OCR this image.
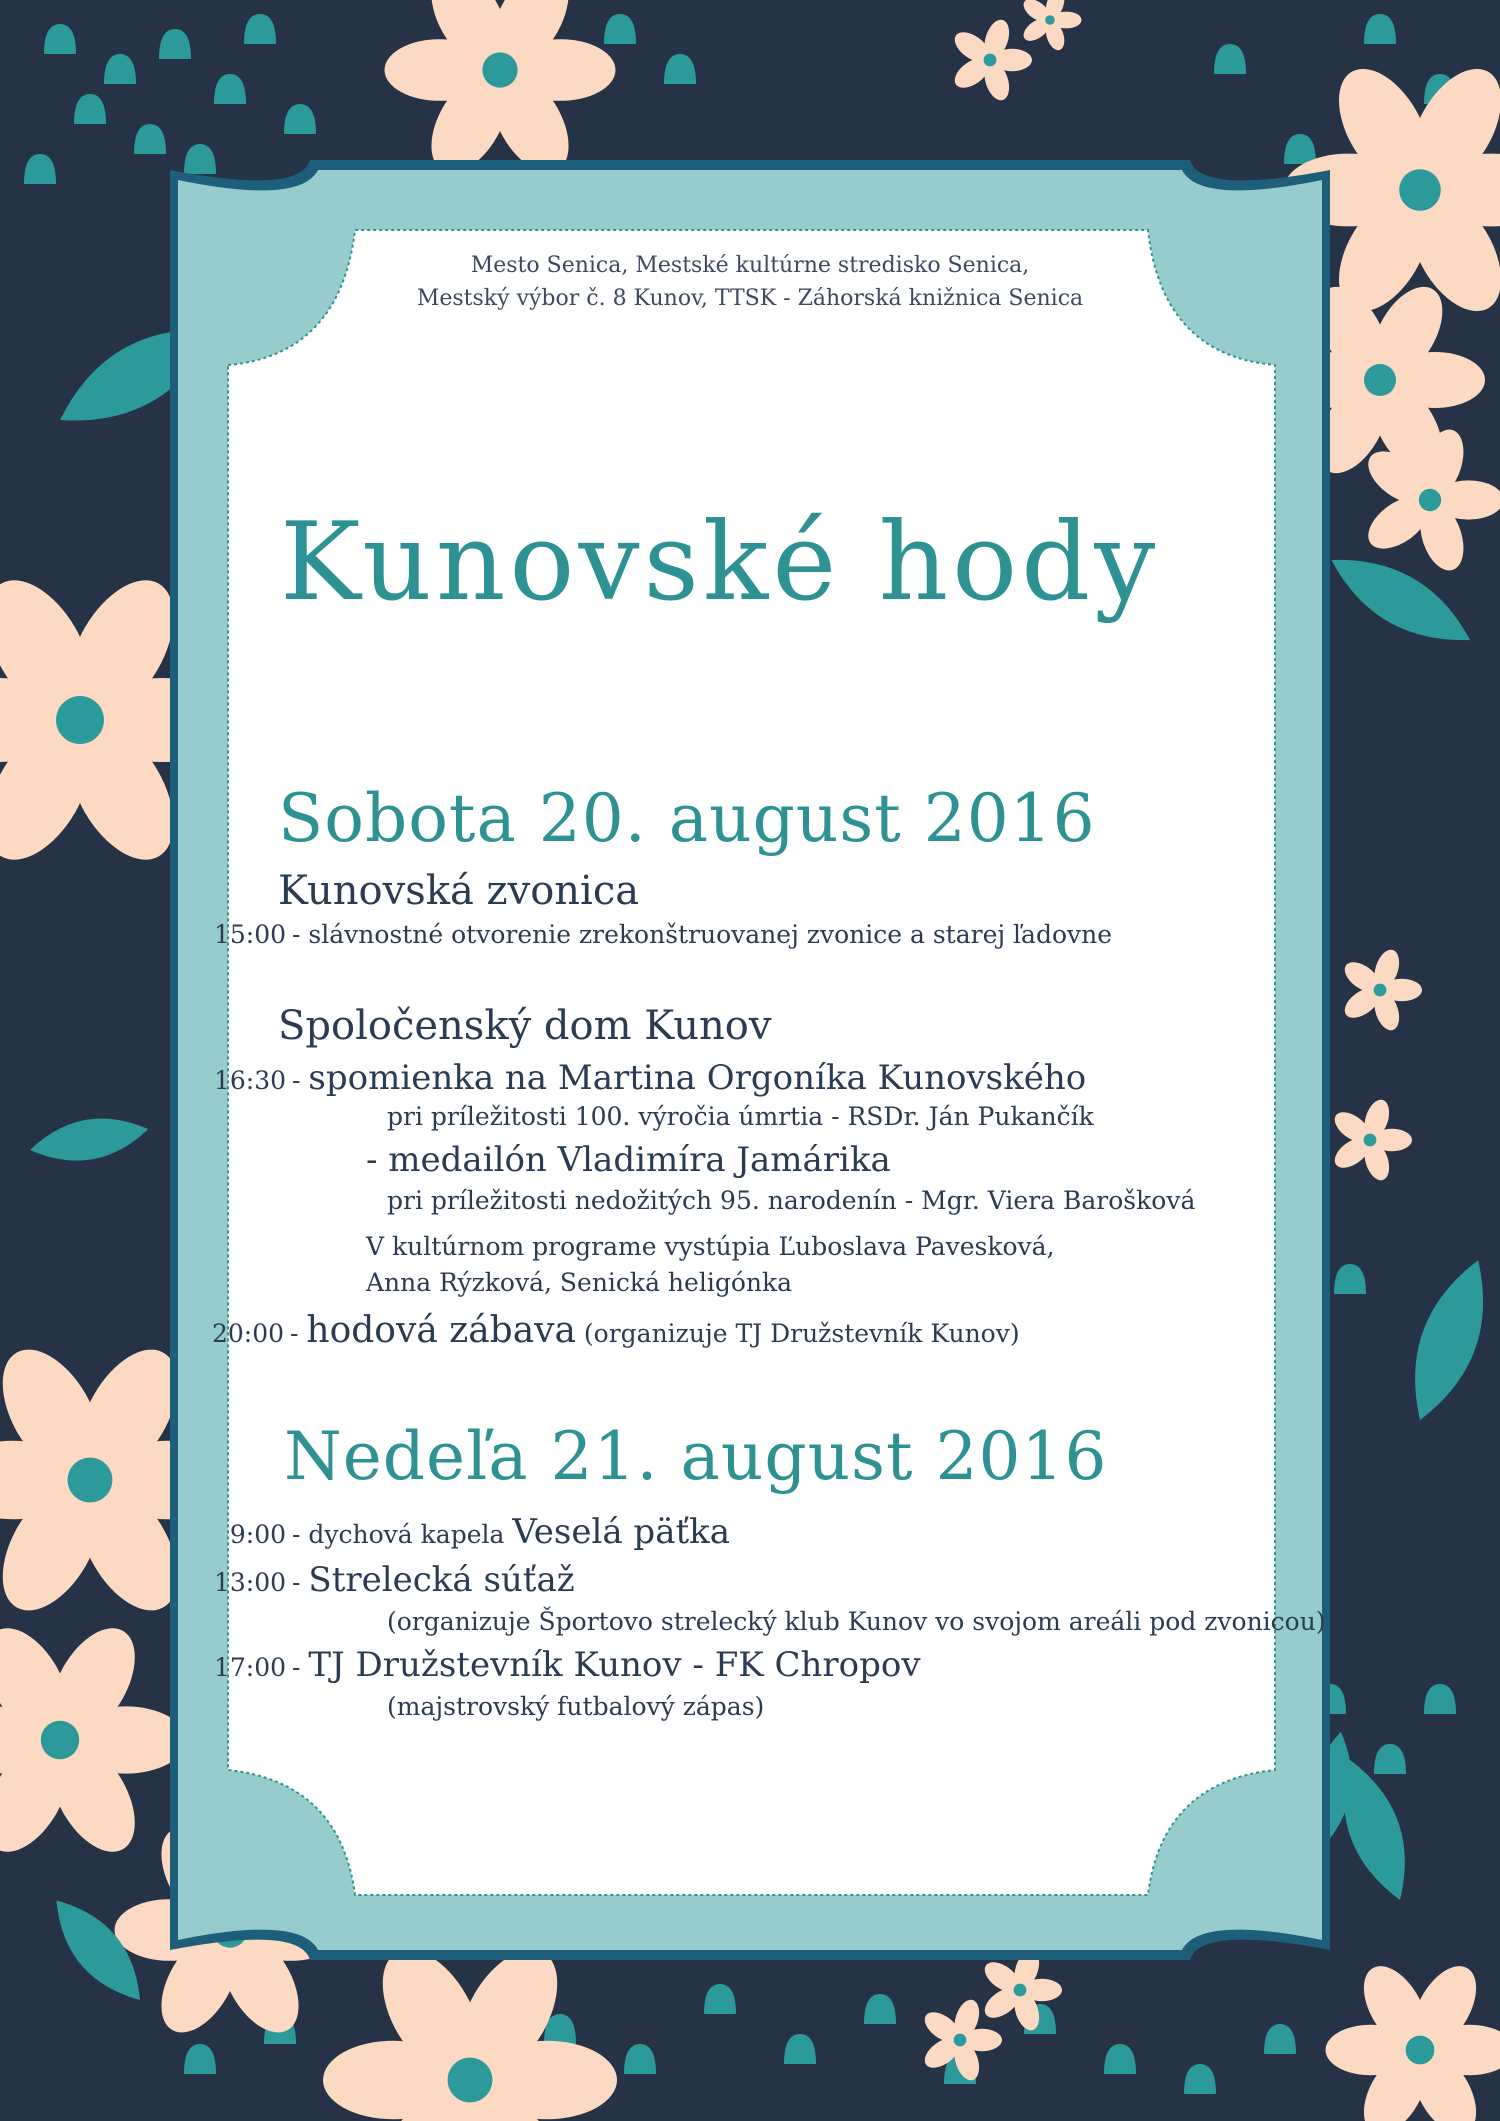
Mesto Senica, Mestské kultúrne stredisko Senica,
Mestský výbor č. 8 Kunov, TTSK - Záhorská knižnica Senica
Kunovské hody
Sobota 20. august 2016
Kunovská zvonica
15:00 - slávnostné otvorenie zrekonštruovanej zvonice a starej ľadovne
Spoločenský dom Kunov
16:30 - spomienka na Martina Orgoníka Kunovského
pri príležitosti 100. výročia úmrtia - RSDr. Ján Pukančík
- medailón Vladimíra Jamárika
pri príležitosti nedožitých 95. narodenín - Mgr. Viera Barošková
V kultúrnom programe vystúpia Ľuboslava Pavesková,
Anna Rýzková, Senická heligónka
20:00 - hodová zábava (organizuje TJ Družstevník Kunov)
Nedeľa 21. august 2016
9:00 - dychová kapela Veselá päťka
13:00 - Strelecká súťaž
(organizuje Športovo strelecký klub Kunov vo svojom areáli pod zvonicou)
17:00 - TJ Družstevník Kunov - FK Chropov
(majstrovský futbalový zápas)
